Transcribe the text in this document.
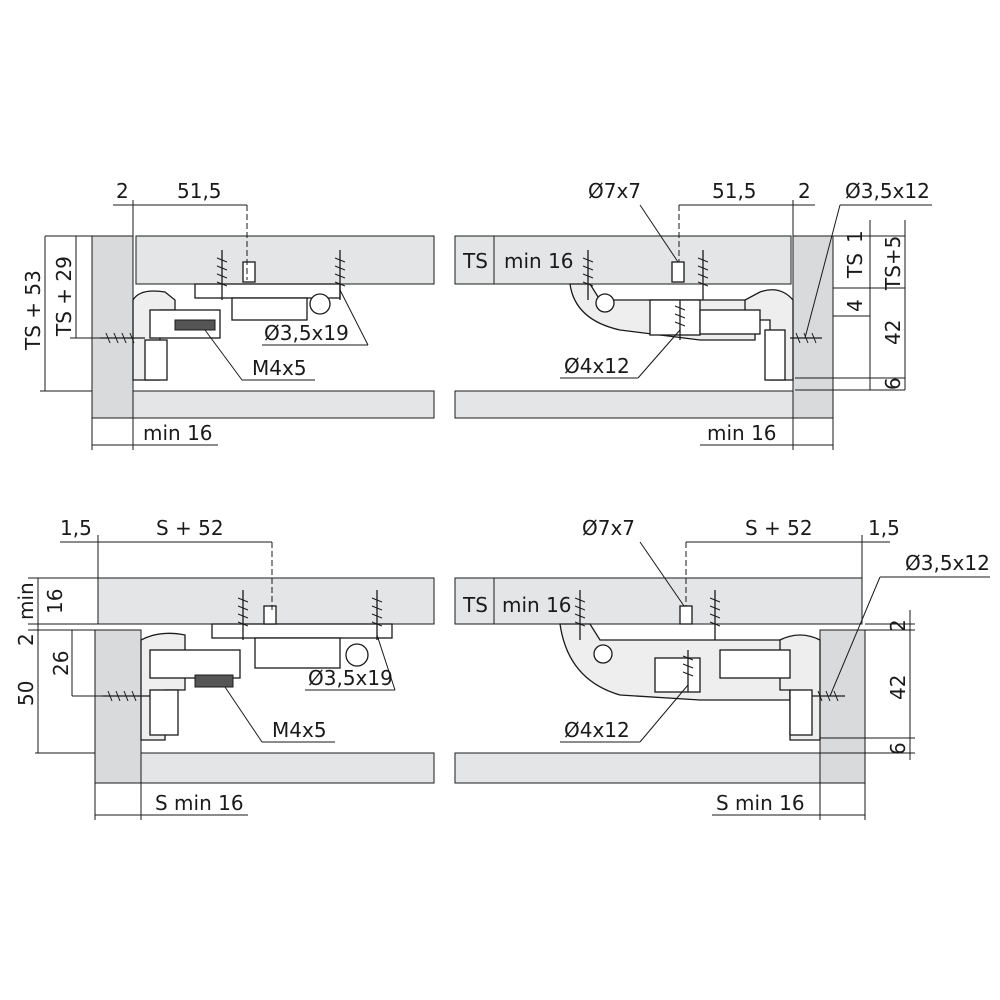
2 51,5
TS + 53 TS + 29	Ø3,5x19
M4x5
min 16
Ø7x7	51,5 2 Ø3,5x12
TS min 16
1
TS TS+5
4
42
6
Ø4x12
min 16
1,5	S + 52
min 16
2
26
50
Ø3,5x19
M4x5
S min 16
Ø7x7	S + 52	1,5
Ø3,5x12
TS min 16
2
42
6
Ø4x12
S min 16
